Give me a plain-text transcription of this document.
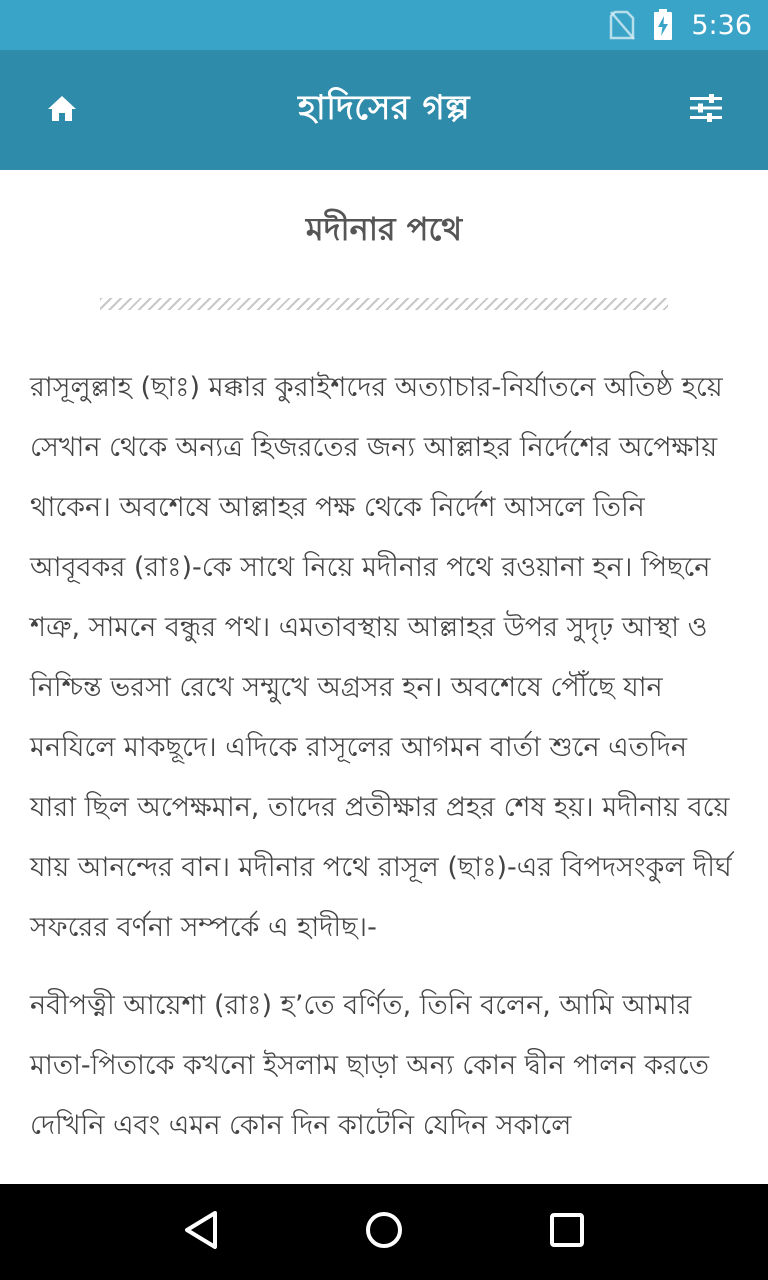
5:36
হাদিসের গল্প
মদীনার পথে

রাসূলুল্লাহ (ছাঃ) মক্কার কুরাইশদের অত্যাচার-নির্যাতনে অতিষ্ঠ হয়ে সেখান থেকে অন্যত্র হিজরতের জন্য আল্লাহর নির্দেশের অপেক্ষায় থাকেন। অবশেষে আল্লাহর পক্ষ থেকে নির্দেশ আসলে তিনি আবূবকর (রাঃ)-কে সাথে নিয়ে মদীনার পথে রওয়ানা হন। পিছনে শত্রু, সামনে বন্ধুর পথ। এমতাবস্থায় আল্লাহর উপর সুদৃঢ় আস্থা ও নিশ্চিন্ত ভরসা রেখে সম্মুখে অগ্রসর হন। অবশেষে পৌঁছে যান মনযিলে মাকছূদে। এদিকে রাসূলের আগমন বার্তা শুনে এতদিন যারা ছিল অপেক্ষমান, তাদের প্রতীক্ষার প্রহর শেষ হয়। মদীনায় বয়ে যায় আনন্দের বান। মদীনার পথে রাসূল (ছাঃ)-এর বিপদসংকুল দীর্ঘ সফরের বর্ণনা সম্পর্কে এ হাদীছ।-

নবীপত্নী আয়েশা (রাঃ) হ’তে বর্ণিত, তিনি বলেন, আমি আমার মাতা-পিতাকে কখনো ইসলাম ছাড়া অন্য কোন দ্বীন পালন করতে দেখিনি এবং এমন কোন দিন কাটেনি যেদিন সকালে
